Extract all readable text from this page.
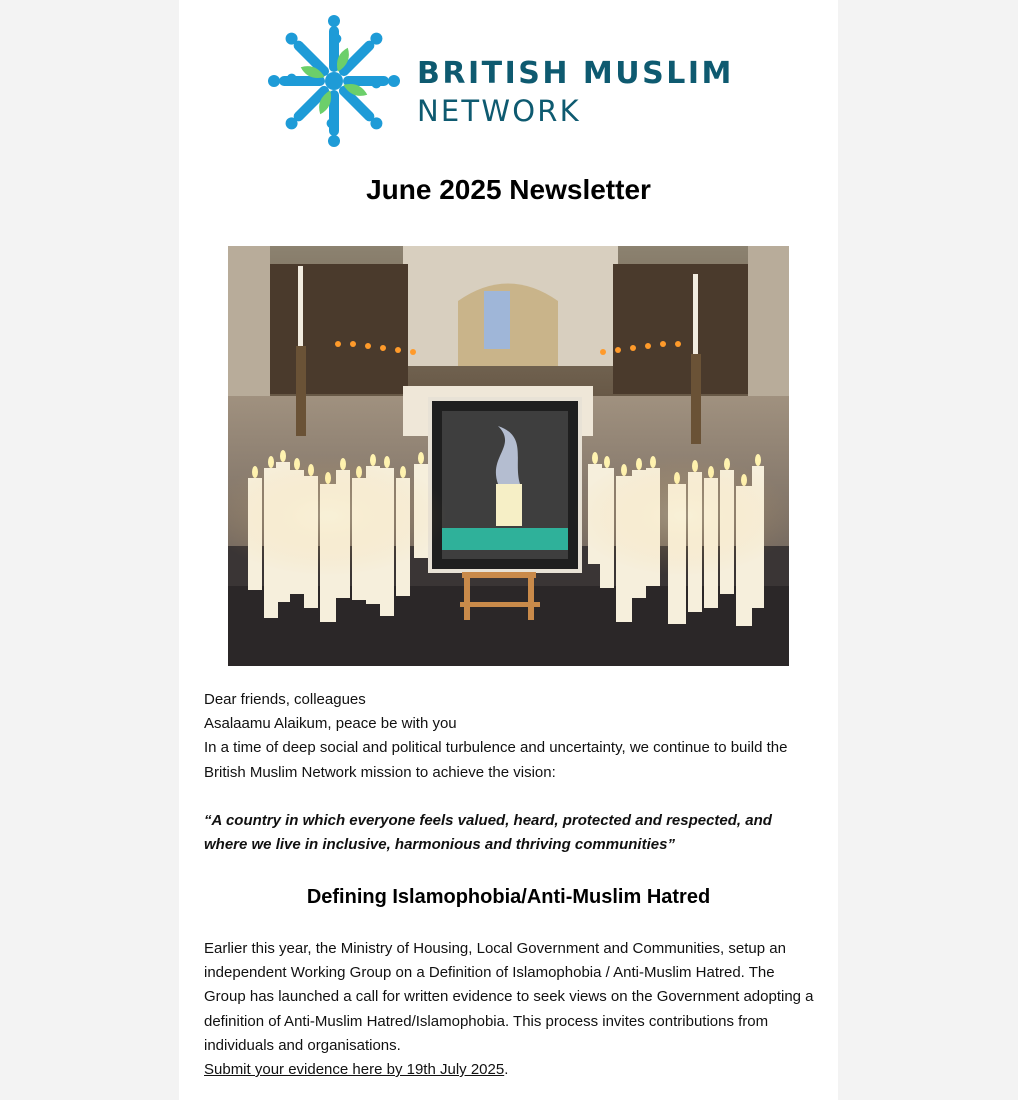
BRITISH MUSLIM
NETWORK
June 2025 Newsletter

Dear friends, colleagues

Asalaamu Alaikum, peace be with you

In a time of deep social and political turbulence and uncertainty, we continue to build the British Muslim Network mission to achieve the vision:

“A country in which everyone feels valued, heard, protected and respected, and where we live in inclusive, harmonious and thriving communities”

Defining Islamophobia/Anti-Muslim Hatred

Earlier this year, the Ministry of Housing, Local Government and Communities, setup an independent Working Group on a Definition of Islamophobia / Anti-Muslim Hatred. The Group has launched a call for written evidence to seek views on the Government adopting a definition of Anti-Muslim Hatred/Islamophobia. This process invites contributions from individuals and organisations.

Submit your evidence here by 19th July 2025.
